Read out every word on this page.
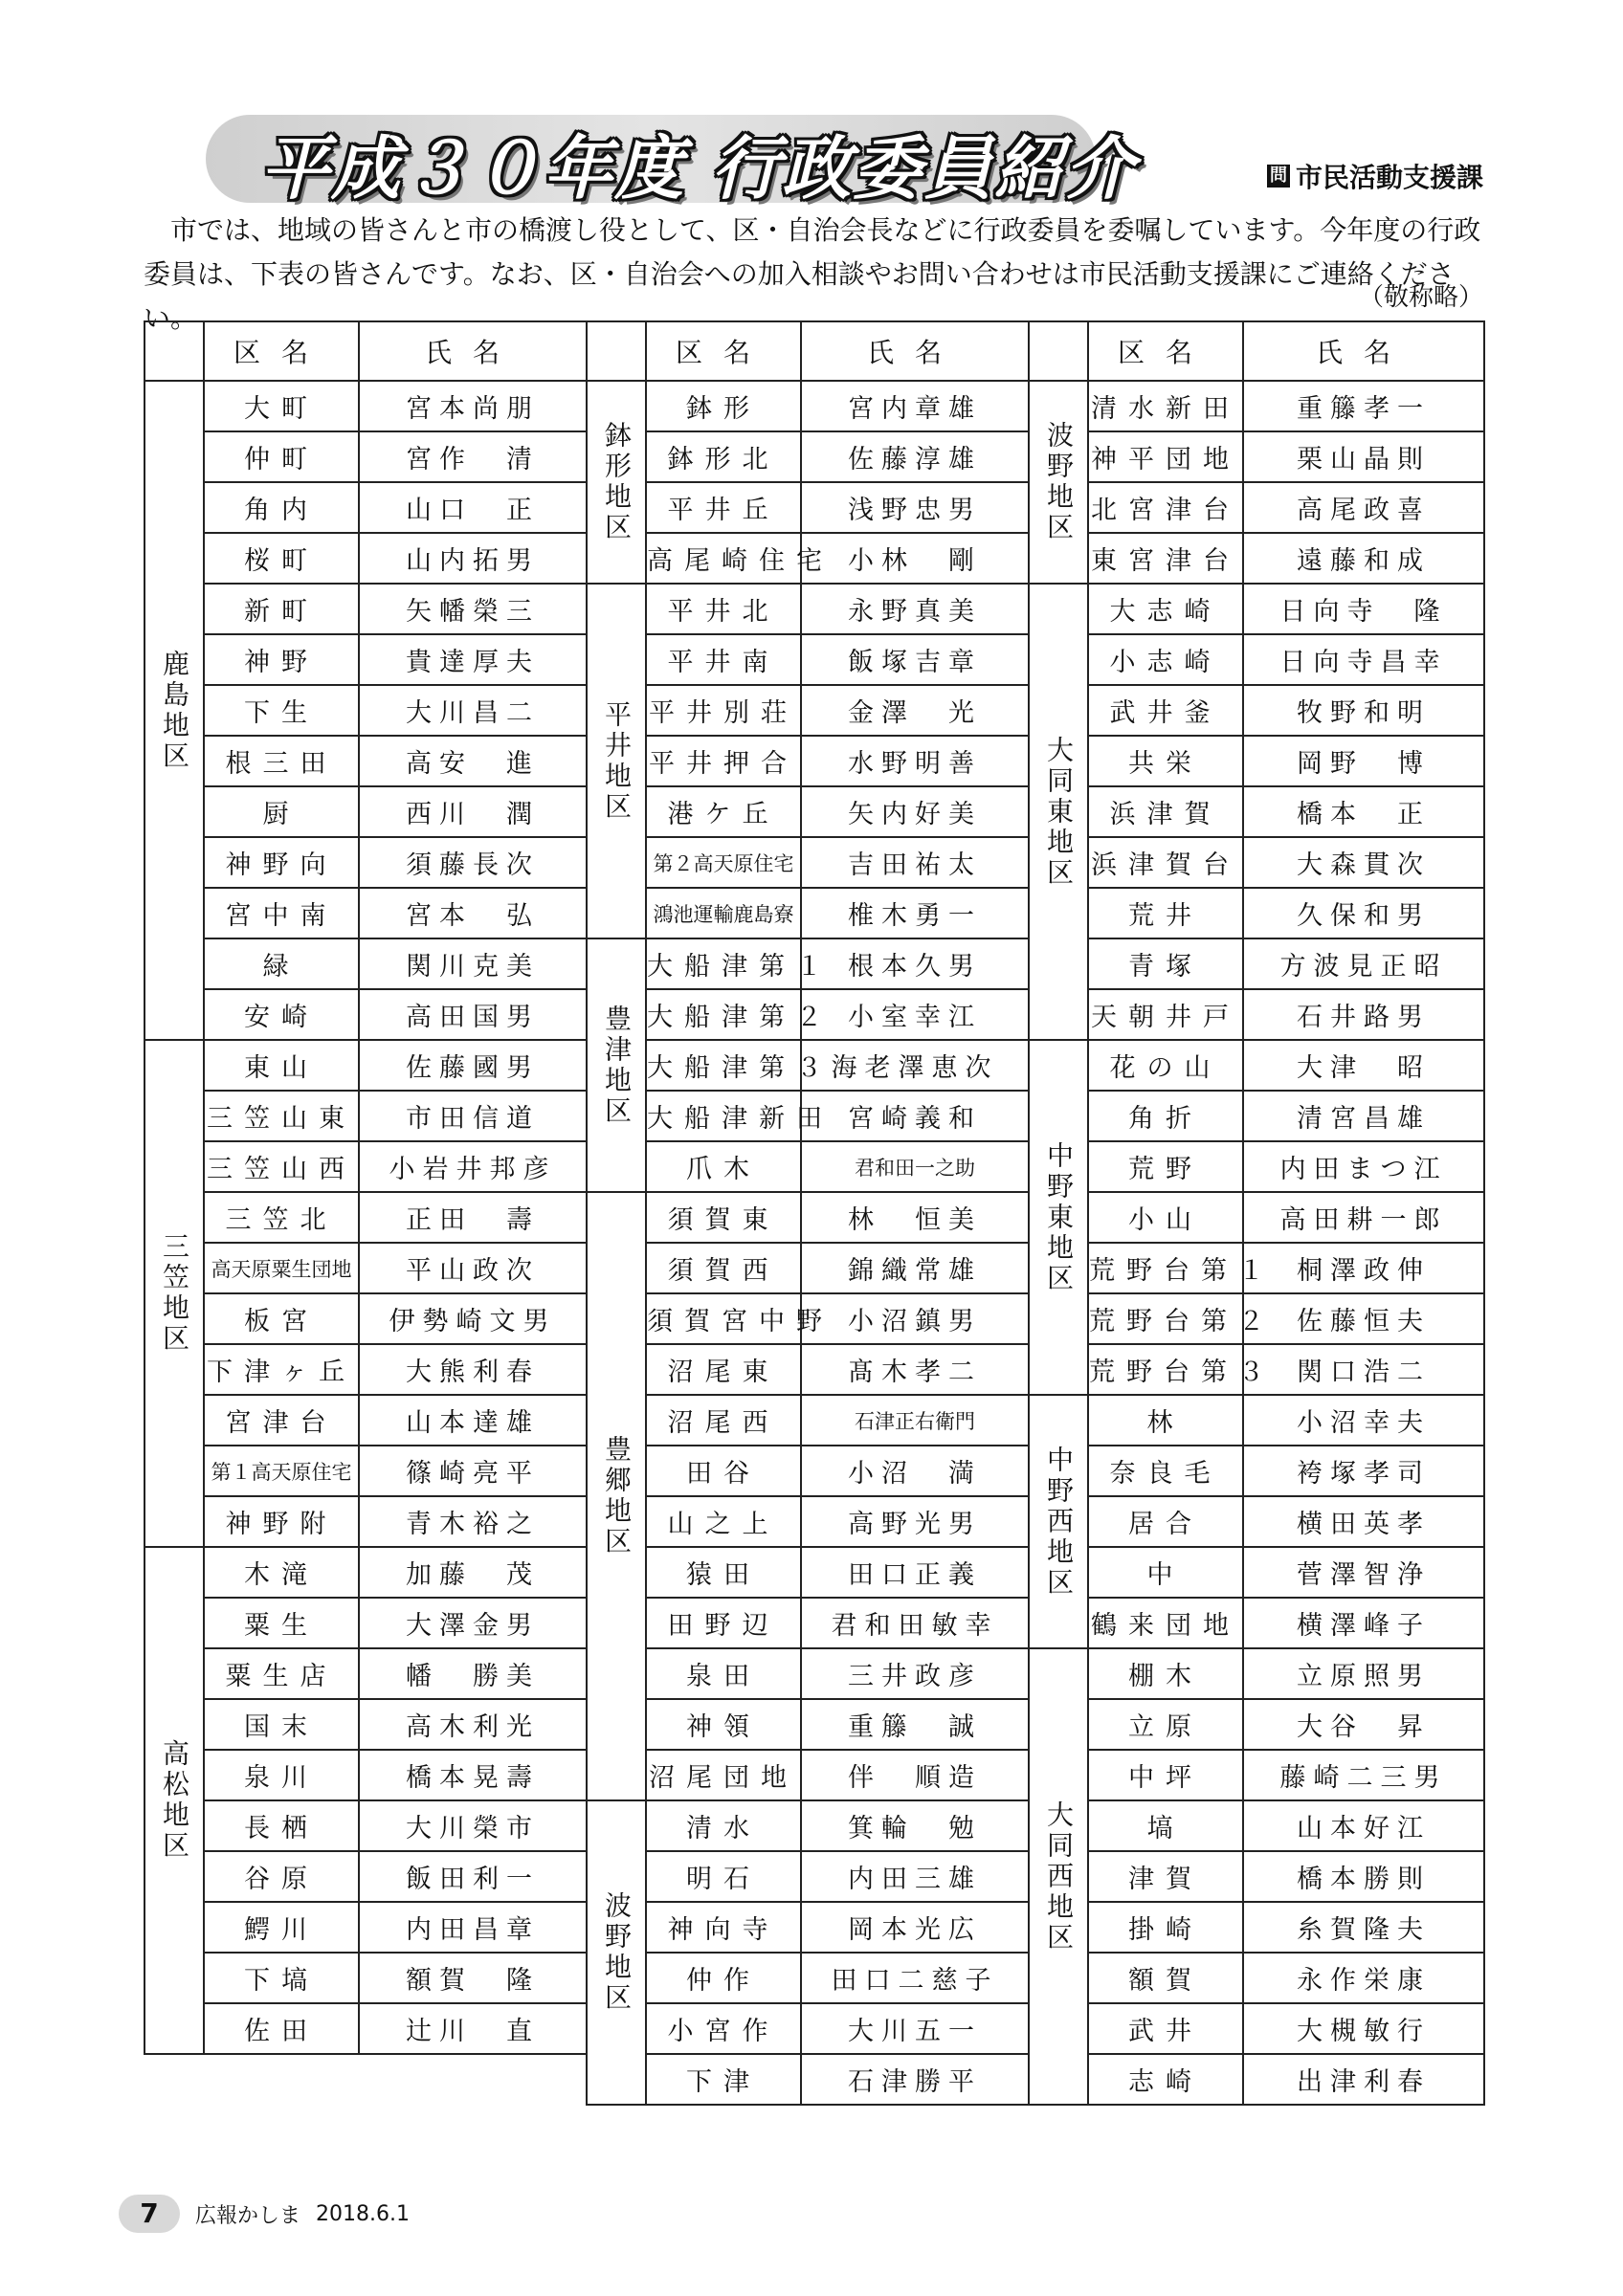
平成３０年度 行政委員紹介	問 市民活動支援課
市では、地域の皆さんと市の橋渡し役として、区・自治会長などに行政委員を委嘱しています。今年度の行政委員は、下表の皆さんです。なお、区・自治会への加入相談やお問い合わせは市民活動支援課にご連絡ください。
（敬称略）
	区名	氏名		区名	氏名		区名	氏名
鹿島地区	大町	宮本尚朋	鉢形地区	鉢形	宮内章雄	波野地区	清水新田	重籐孝一
	仲町	宮作　清		鉢形北	佐藤淳雄		神平団地	栗山晶則
	角内	山口　正		平井丘	浅野忠男		北宮津台	高尾政喜
	桜町	山内拓男		高尾崎住宅	小林　剛		東宮津台	遠藤和成
	新町	矢幡榮三	平井地区	平井北	永野真美	大同東地区	大志崎	日向寺　隆
	神野	貴達厚夫		平井南	飯塚吉章		小志崎	日向寺昌幸
	下生	大川昌二		平井別荘	金澤　光		武井釜	牧野和明
	根三田	高安　進		平井押合	水野明善		共栄	岡野　博
	厨	西川　潤		港ケ丘	矢内好美		浜津賀	橋本　正
	神野向	須藤長次		第２高天原住宅	吉田祐太		浜津賀台	大森貫次
	宮中南	宮本　弘		鴻池運輸鹿島寮	椎木勇一		荒井	久保和男
	緑	関川克美	豊津地区	大船津第１	根本久男		青塚	方波見正昭
	安崎	高田国男		大船津第２	小室幸江		天朝井戸	石井路男
三笠地区	東山	佐藤國男		大船津第３	海老澤恵次	中野東地区	花の山	大津　昭
	三笠山東	市田信道		大船津新田	宮崎義和		角折	清宮昌雄
	三笠山西	小岩井邦彦		爪木	君和田一之助		荒野	内田まつ江
	三笠北	正田　壽	豊郷地区	須賀東	林　恒美		小山	高田耕一郎
	高天原粟生団地	平山政次		須賀西	錦織常雄		荒野台第１	桐澤政伸
	板宮	伊勢崎文男		須賀宮中野	小沼鎮男		荒野台第２	佐藤恒夫
	下津ヶ丘	大熊利春		沼尾東	髙木孝二		荒野台第３	関口浩二
	宮津台	山本達雄		沼尾西	石津正右衛門	中野西地区	林	小沼幸夫
	第１高天原住宅	篠崎亮平		田谷	小沼　満		奈良毛	袴塚孝司
	神野附	青木裕之		山之上	高野光男		居合	横田英孝
高松地区	木滝	加藤　茂		猿田	田口正義		中	菅澤智浄
	粟生	大澤金男		田野辺	君和田敏幸		鶴来団地	横澤峰子
	粟生店	幡　勝美		泉田	三井政彦	大同西地区	棚木	立原照男
	国末	高木利光		神領	重籐　誠		立原	大谷　昇
	泉川	橋本晃壽		沼尾団地	伴　順造		中坪	藤崎二三男
	長栖	大川榮市	波野地区	清水	箕輪　勉		塙	山本好江
	谷原	飯田利一		明石	内田三雄		津賀	橋本勝則
	鰐川	内田昌章		神向寺	岡本光広		掛崎	糸賀隆夫
	下塙	額賀　隆		仲作	田口二慈子		額賀	永作栄康
	佐田	辻川　直		小宮作	大川五一		武井	大槻敏行
				下津	石津勝平		志崎	出津利春
7	広報かしま 2018.6.1
